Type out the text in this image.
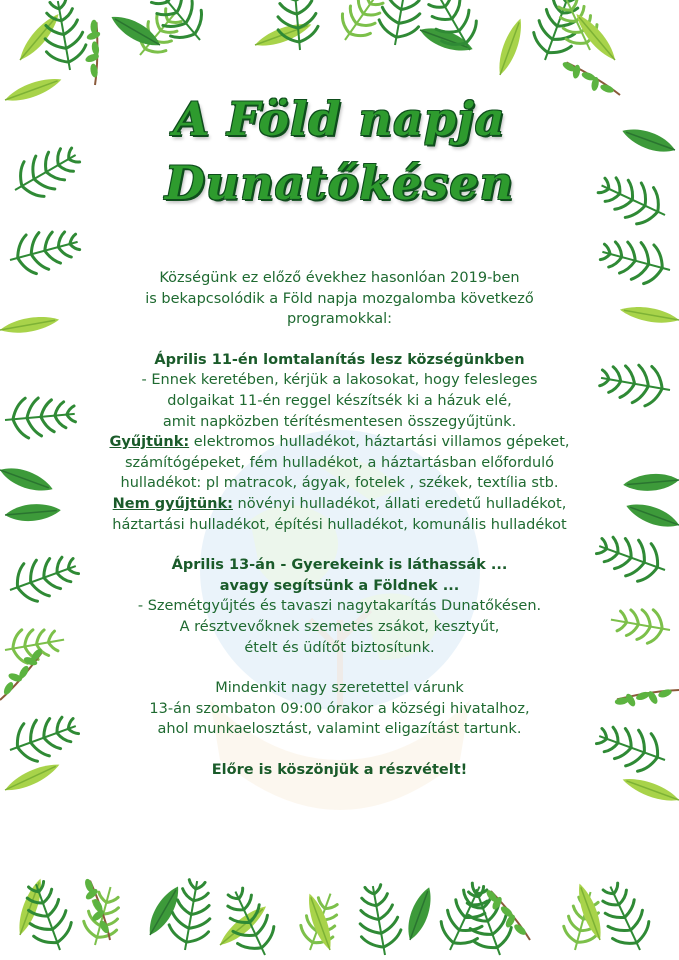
A Föld napja
Dunatőkésen

Községünk ez előző évekhez hasonlóan 2019-ben

is bekapcsolódik a Föld napja mozgalomba következő

programokkal:

Április 11-én lomtalanítás lesz községünkben

- Ennek keretében, kérjük a lakosokat, hogy felesleges

dolgaikat 11-én reggel készítsék ki a házuk elé,

amit napközben térítésmentesen összegyűjtünk.

Gyűjtünk: elektromos hulladékot, háztartási villamos gépeket,

számítógépeket, fém hulladékot, a háztartásban előforduló

hulladékot: pl matracok, ágyak, fotelek , székek, textília stb.

Nem gyűjtünk: növényi hulladékot, állati eredetű hulladékot,

háztartási hulladékot, építési hulladékot, komunális hulladékot

Április 13-án - Gyerekeink is láthassák ...

avagy segítsünk a Földnek ...

- Szemétgyűjtés és tavaszi nagytakarítás Dunatőkésen.

A résztvevőknek szemetes zsákot, kesztyűt,

ételt és üdítőt biztosítunk.

Mindenkit nagy szeretettel várunk

13-án szombaton 09:00 órakor a községi hivatalhoz,

ahol munkaelosztást, valamint eligazítást tartunk.

Előre is köszönjük a részvételt!
